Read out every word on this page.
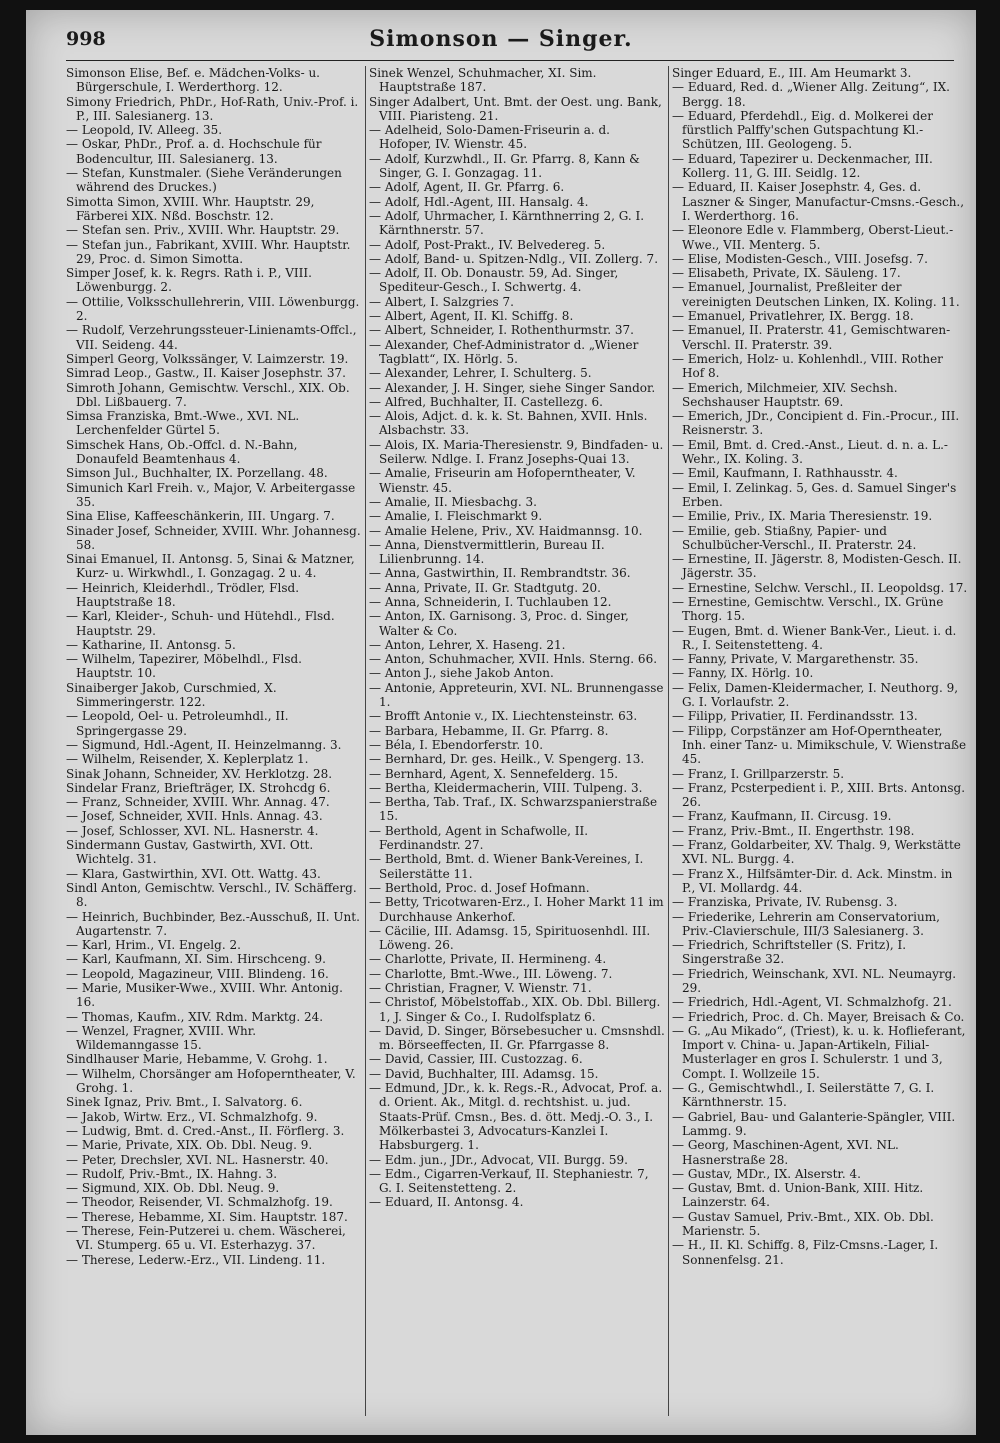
998	Simonson — Singer.

Simonson Elise, Bef. e. Mädchen-Volks- u. Bürgerschule, I. Werderthorg. 12.

Simony Friedrich, PhDr., Hof-Rath, Univ.-Prof. i. P., III. Salesianerg. 13.

— Leopold, IV. Alleeg. 35.

— Oskar, PhDr., Prof. a. d. Hochschule für Bodencultur, III. Salesianerg. 13.

— Stefan, Kunstmaler. (Siehe Veränderungen während des Druckes.)

Simotta Simon, XVIII. Whr. Hauptstr. 29, Färberei XIX. Nßd. Boschstr. 12.

— Stefan sen. Priv., XVIII. Whr. Hauptstr. 29.

— Stefan jun., Fabrikant, XVIII. Whr. Hauptstr. 29, Proc. d. Simon Simotta.

Simper Josef, k. k. Regrs. Rath i. P., VIII. Löwenburgg. 2.

— Ottilie, Volksschullehrerin, VIII. Löwenburgg. 2.

— Rudolf, Verzehrungssteuer-Linienamts-Offcl., VII. Seideng. 44.

Simperl Georg, Volkssänger, V. Laimzerstr. 19.

Simrad Leop., Gastw., II. Kaiser Josephstr. 37.

Simroth Johann, Gemischtw. Verschl., XIX. Ob. Dbl. Lißbauerg. 7.

Simsa Franziska, Bmt.-Wwe., XVI. NL. Lerchenfelder Gürtel 5.

Simschek Hans, Ob.-Offcl. d. N.-Bahn, Donaufeld Beamtenhaus 4.

Simson Jul., Buchhalter, IX. Porzellang. 48.

Simunich Karl Freih. v., Major, V. Arbeitergasse 35.

Sina Elise, Kaffeeschänkerin, III. Ungarg. 7.

Sinader Josef, Schneider, XVIII. Whr. Johannesg. 58.

Sinai Emanuel, II. Antonsg. 5, Sinai & Matzner, Kurz- u. Wirkwhdl., I. Gonzagag. 2 u. 4.

— Heinrich, Kleiderhdl., Trödler, Flsd. Hauptstraße 18.

— Karl, Kleider-, Schuh- und Hütehdl., Flsd. Hauptstr. 29.

— Katharine, II. Antonsg. 5.

— Wilhelm, Tapezirer, Möbelhdl., Flsd. Hauptstr. 10.

Sinaiberger Jakob, Curschmied, X. Simmeringerstr. 122.

— Leopold, Oel- u. Petroleumhdl., II. Springergasse 29.

— Sigmund, Hdl.-Agent, II. Heinzelmanng. 3.

— Wilhelm, Reisender, X. Keplerplatz 1.

Sinak Johann, Schneider, XV. Herklotzg. 28.

Sindelar Franz, Briefträger, IX. Strohcdg 6.

— Franz, Schneider, XVIII. Whr. Annag. 47.

— Josef, Schneider, XVII. Hnls. Annag. 43.

— Josef, Schlosser, XVI. NL. Hasnerstr. 4.

Sindermann Gustav, Gastwirth, XVI. Ott. Wichtelg. 31.

— Klara, Gastwirthin, XVI. Ott. Wattg. 43.

Sindl Anton, Gemischtw. Verschl., IV. Schäfferg. 8.

— Heinrich, Buchbinder, Bez.-Ausschuß, II. Unt. Augartenstr. 7.

— Karl, Hrim., VI. Engelg. 2.

— Karl, Kaufmann, XI. Sim. Hirschceng. 9.

— Leopold, Magazineur, VIII. Blindeng. 16.

— Marie, Musiker-Wwe., XVIII. Whr. Antonig. 16.

— Thomas, Kaufm., XIV. Rdm. Marktg. 24.

— Wenzel, Fragner, XVIII. Whr. Wildemanngasse 15.

Sindlhauser Marie, Hebamme, V. Grohg. 1.

— Wilhelm, Chorsänger am Hofoperntheater, V. Grohg. 1.

Sinek Ignaz, Priv. Bmt., I. Salvatorg. 6.

— Jakob, Wirtw. Erz., VI. Schmalzhofg. 9.

— Ludwig, Bmt. d. Cred.-Anst., II. Förflerg. 3.

— Marie, Private, XIX. Ob. Dbl. Neug. 9.

— Peter, Drechsler, XVI. NL. Hasnerstr. 40.

— Rudolf, Priv.-Bmt., IX. Hahng. 3.

— Sigmund, XIX. Ob. Dbl. Neug. 9.

— Theodor, Reisender, VI. Schmalzhofg. 19.

— Therese, Hebamme, XI. Sim. Hauptstr. 187.

— Therese, Fein-Putzerei u. chem. Wäscherei, VI. Stumperg. 65 u. VI. Esterhazyg. 37.

— Therese, Lederw.-Erz., VII. Lindeng. 11.

Sinek Wenzel, Schuhmacher, XI. Sim. Hauptstraße 187.

Singer Adalbert, Unt. Bmt. der Oest. ung. Bank, VIII. Piaristeng. 21.

— Adelheid, Solo-Damen-Friseurin a. d. Hofoper, IV. Wienstr. 45.

— Adolf, Kurzwhdl., II. Gr. Pfarrg. 8, Kann & Singer, G. I. Gonzagag. 11.

— Adolf, Agent, II. Gr. Pfarrg. 6.

— Adolf, Hdl.-Agent, III. Hansalg. 4.

— Adolf, Uhrmacher, I. Kärnthnerring 2, G. I. Kärnthnerstr. 57.

— Adolf, Post-Prakt., IV. Belvedereg. 5.

— Adolf, Band- u. Spitzen-Ndlg., VII. Zollerg. 7.

— Adolf, II. Ob. Donaustr. 59, Ad. Singer, Spediteur-Gesch., I. Schwertg. 4.

— Albert, I. Salzgries 7.

— Albert, Agent, II. Kl. Schiffg. 8.

— Albert, Schneider, I. Rothenthurmstr. 37.

— Alexander, Chef-Administrator d. „Wiener Tagblatt“, IX. Hörlg. 5.

— Alexander, Lehrer, I. Schulterg. 5.

— Alexander, J. H. Singer, siehe Singer Sandor.

— Alfred, Buchhalter, II. Castellezg. 6.

— Alois, Adjct. d. k. k. St. Bahnen, XVII. Hnls. Alsbachstr. 33.

— Alois, IX. Maria-Theresienstr. 9, Bindfaden- u. Seilerw. Ndlge. I. Franz Josephs-Quai 13.

— Amalie, Friseurin am Hofoperntheater, V. Wienstr. 45.

— Amalie, II. Miesbachg. 3.

— Amalie, I. Fleischmarkt 9.

— Amalie Helene, Priv., XV. Haidmannsg. 10.

— Anna, Dienstvermittlerin, Bureau II. Lilienbrunng. 14.

— Anna, Gastwirthin, II. Rembrandtstr. 36.

— Anna, Private, II. Gr. Stadtgutg. 20.

— Anna, Schneiderin, I. Tuchlauben 12.

— Anton, IX. Garnisong. 3, Proc. d. Singer, Walter & Co.

— Anton, Lehrer, X. Haseng. 21.

— Anton, Schuhmacher, XVII. Hnls. Sterng. 66.

— Anton J., siehe Jakob Anton.

— Antonie, Appreteurin, XVI. NL. Brunnengasse 1.

— Brofft Antonie v., IX. Liechtensteinstr. 63.

— Barbara, Hebamme, II. Gr. Pfarrg. 8.

— Béla, I. Ebendorferstr. 10.

— Bernhard, Dr. ges. Heilk., V. Spengerg. 13.

— Bernhard, Agent, X. Sennefelderg. 15.

— Bertha, Kleidermacherin, VIII. Tulpeng. 3.

— Bertha, Tab. Traf., IX. Schwarzspanierstraße 15.

— Berthold, Agent in Schafwolle, II. Ferdinandstr. 27.

— Berthold, Bmt. d. Wiener Bank-Vereines, I. Seilerstätte 11.

— Berthold, Proc. d. Josef Hofmann.

— Betty, Tricotwaren-Erz., I. Hoher Markt 11 im Durchhause Ankerhof.

— Cäcilie, III. Adamsg. 15, Spirituosenhdl. III. Löweng. 26.

— Charlotte, Private, II. Hermineng. 4.

— Charlotte, Bmt.-Wwe., III. Löweng. 7.

— Christian, Fragner, V. Wienstr. 71.

— Christof, Möbelstoffab., XIX. Ob. Dbl. Billerg. 1, J. Singer & Co., I. Rudolfsplatz 6.

— David, D. Singer, Börsebesucher u. Cmsnshdl. m. Börseeffecten, II. Gr. Pfarrgasse 8.

— David, Cassier, III. Custozzag. 6.

— David, Buchhalter, III. Adamsg. 15.

— Edmund, JDr., k. k. Regs.-R., Advocat, Prof. a. d. Orient. Ak., Mitgl. d. rechtshist. u. jud. Staats-Prüf. Cmsn., Bes. d. ött. Medj.-O. 3., I. Mölkerbastei 3, Advocaturs-Kanzlei I. Habsburgerg. 1.

— Edm. jun., JDr., Advocat, VII. Burgg. 59.

— Edm., Cigarren-Verkauf, II. Stephaniestr. 7, G. I. Seitenstetteng. 2.

— Eduard, II. Antonsg. 4.

Singer Eduard, E., III. Am Heumarkt 3.

— Eduard, Red. d. „Wiener Allg. Zeitung“, IX. Bergg. 18.

— Eduard, Pferdehdl., Eig. d. Molkerei der fürstlich Palffy'schen Gutspachtung Kl.-Schützen, III. Geologeng. 5.

— Eduard, Tapezirer u. Deckenmacher, III. Kollerg. 11, G. III. Seidlg. 12.

— Eduard, II. Kaiser Josephstr. 4, Ges. d. Laszner & Singer, Manufactur-Cmsns.-Gesch., I. Werderthorg. 16.

— Eleonore Edle v. Flammberg, Oberst-Lieut.-Wwe., VII. Menterg. 5.

— Elise, Modisten-Gesch., VIII. Josefsg. 7.

— Elisabeth, Private, IX. Säuleng. 17.

— Emanuel, Journalist, Preßleiter der vereinigten Deutschen Linken, IX. Koling. 11.

— Emanuel, Privatlehrer, IX. Bergg. 18.

— Emanuel, II. Praterstr. 41, Gemischtwaren-Verschl. II. Praterstr. 39.

— Emerich, Holz- u. Kohlenhdl., VIII. Rother Hof 8.

— Emerich, Milchmeier, XIV. Sechsh. Sechshauser Hauptstr. 69.

— Emerich, JDr., Concipient d. Fin.-Procur., III. Reisnerstr. 3.

— Emil, Bmt. d. Cred.-Anst., Lieut. d. n. a. L.-Wehr., IX. Koling. 3.

— Emil, Kaufmann, I. Rathhausstr. 4.

— Emil, I. Zelinkag. 5, Ges. d. Samuel Singer's Erben.

— Emilie, Priv., IX. Maria Theresienstr. 19.

— Emilie, geb. Stiaßny, Papier- und Schulbücher-Verschl., II. Praterstr. 24.

— Ernestine, II. Jägerstr. 8, Modisten-Gesch. II. Jägerstr. 35.

— Ernestine, Selchw. Verschl., II. Leopoldsg. 17.

— Ernestine, Gemischtw. Verschl., IX. Grüne Thorg. 15.

— Eugen, Bmt. d. Wiener Bank-Ver., Lieut. i. d. R., I. Seitenstetteng. 4.

— Fanny, Private, V. Margarethenstr. 35.

— Fanny, IX. Hörlg. 10.

— Felix, Damen-Kleidermacher, I. Neuthorg. 9, G. I. Vorlaufstr. 2.

— Filipp, Privatier, II. Ferdinandsstr. 13.

— Filipp, Corpstänzer am Hof-Operntheater, Inh. einer Tanz- u. Mimikschule, V. Wienstraße 45.

— Franz, I. Grillparzerstr. 5.

— Franz, Pcsterpedient i. P., XIII. Brts. Antonsg. 26.

— Franz, Kaufmann, II. Circusg. 19.

— Franz, Priv.-Bmt., II. Engerthstr. 198.

— Franz, Goldarbeiter, XV. Thalg. 9, Werkstätte XVI. NL. Burgg. 4.

— Franz X., Hilfsämter-Dir. d. Ack. Minstm. in P., VI. Mollardg. 44.

— Franziska, Private, IV. Rubensg. 3.

— Friederike, Lehrerin am Conservatorium, Priv.-Clavierschule, III/3 Salesianerg. 3.

— Friedrich, Schriftsteller (S. Fritz), I. Singerstraße 32.

— Friedrich, Weinschank, XVI. NL. Neumayrg. 29.

— Friedrich, Hdl.-Agent, VI. Schmalzhofg. 21.

— Friedrich, Proc. d. Ch. Mayer, Breisach & Co.

— G. „Au Mikado“, (Triest), k. u. k. Hoflieferant, Import v. China- u. Japan-Artikeln, Filial-Musterlager en gros I. Schulerstr. 1 und 3, Compt. I. Wollzeile 15.

— G., Gemischtwhdl., I. Seilerstätte 7, G. I. Kärnthnerstr. 15.

— Gabriel, Bau- und Galanterie-Spängler, VIII. Lammg. 9.

— Georg, Maschinen-Agent, XVI. NL. Hasnerstraße 28.

— Gustav, MDr., IX. Alserstr. 4.

— Gustav, Bmt. d. Union-Bank, XIII. Hitz. Lainzerstr. 64.

— Gustav Samuel, Priv.-Bmt., XIX. Ob. Dbl. Marienstr. 5.

— H., II. Kl. Schiffg. 8, Filz-Cmsns.-Lager, I. Sonnenfelsg. 21.
